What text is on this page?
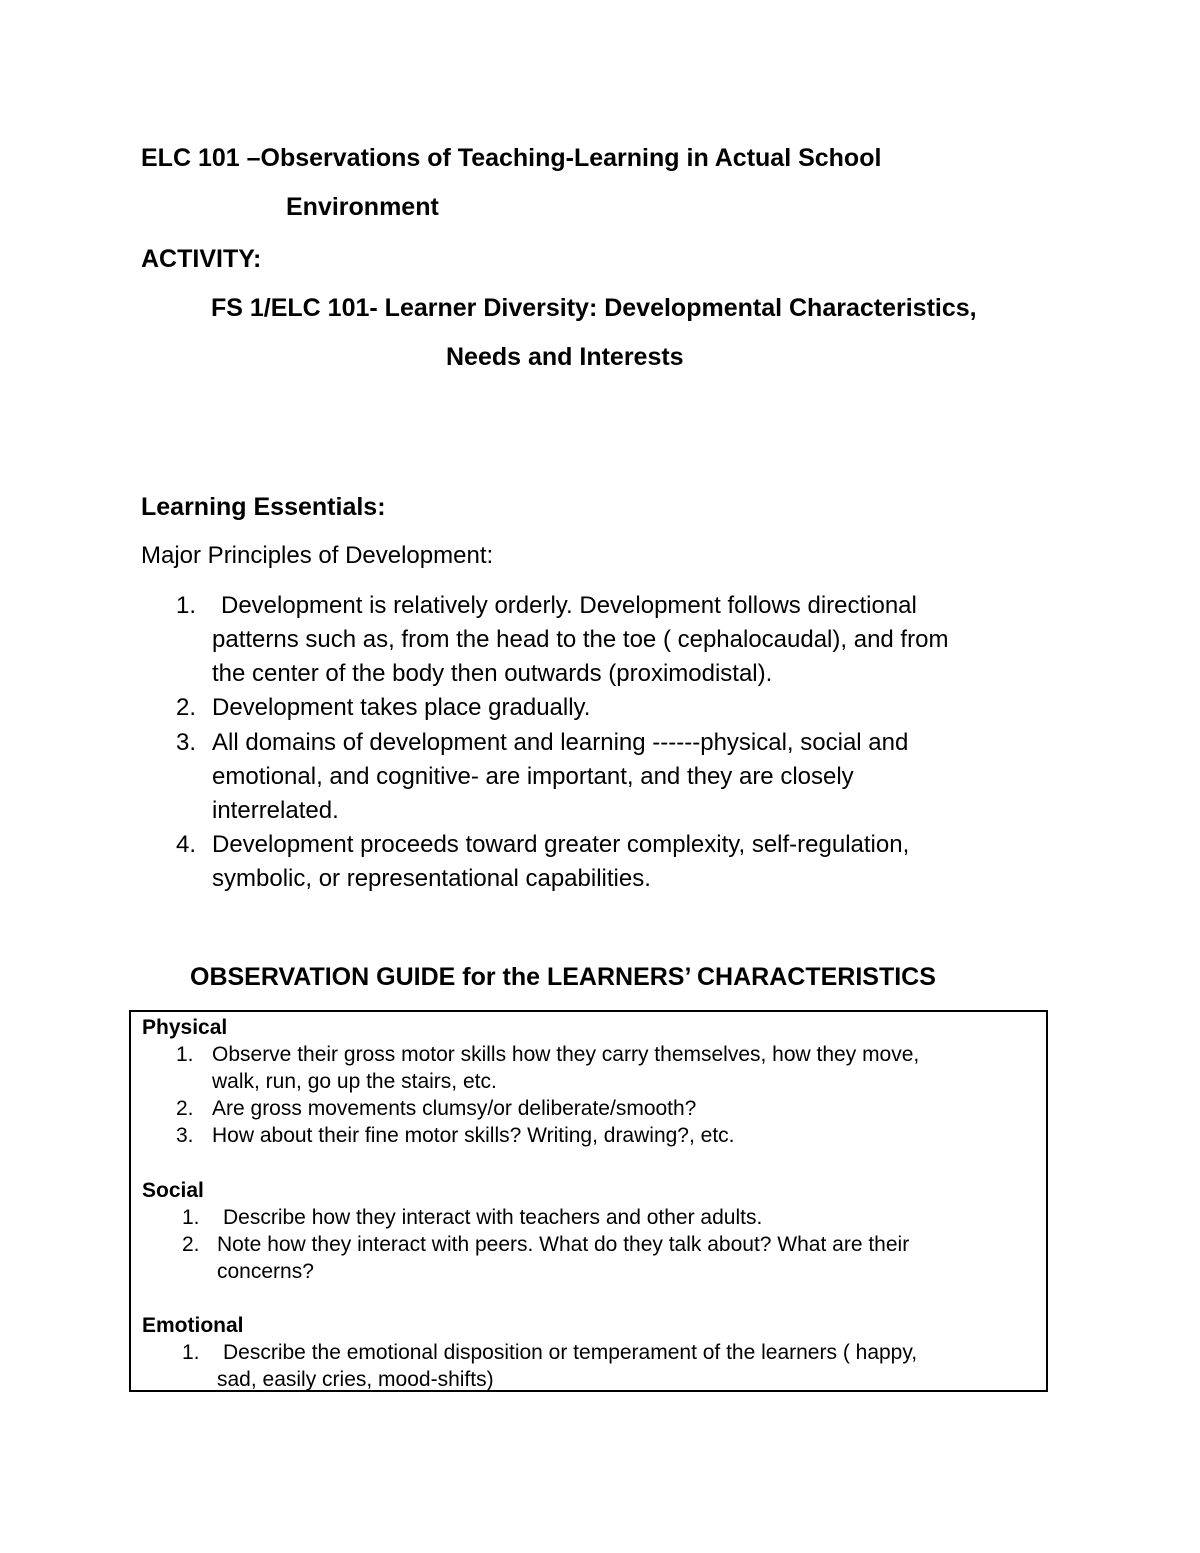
ELC 101 –Observations of Teaching-Learning in Actual School
Environment
ACTIVITY:
FS 1/ELC 101- Learner Diversity: Developmental Characteristics,
Needs and Interests
Learning Essentials:
Major Principles of Development:
1. Development is relatively orderly. Development follows directional
patterns such as, from the head to the toe ( cephalocaudal), and from
the center of the body then outwards (proximodistal).
2. Development takes place gradually.
3. All domains of development and learning ------physical, social and
emotional, and cognitive- are important, and they are closely
interrelated.
4. Development proceeds toward greater complexity, self-regulation,
symbolic, or representational capabilities.
OBSERVATION GUIDE for the LEARNERS’ CHARACTERISTICS
Physical
1. Observe their gross motor skills how they carry themselves, how they move,
walk, run, go up the stairs, etc.
2. Are gross movements clumsy/or deliberate/smooth?
3. How about their fine motor skills? Writing, drawing?, etc.
Social
1. Describe how they interact with teachers and other adults.
2. Note how they interact with peers. What do they talk about? What are their
concerns?
Emotional
1. Describe the emotional disposition or temperament of the learners ( happy,
sad, easily cries, mood-shifts)
